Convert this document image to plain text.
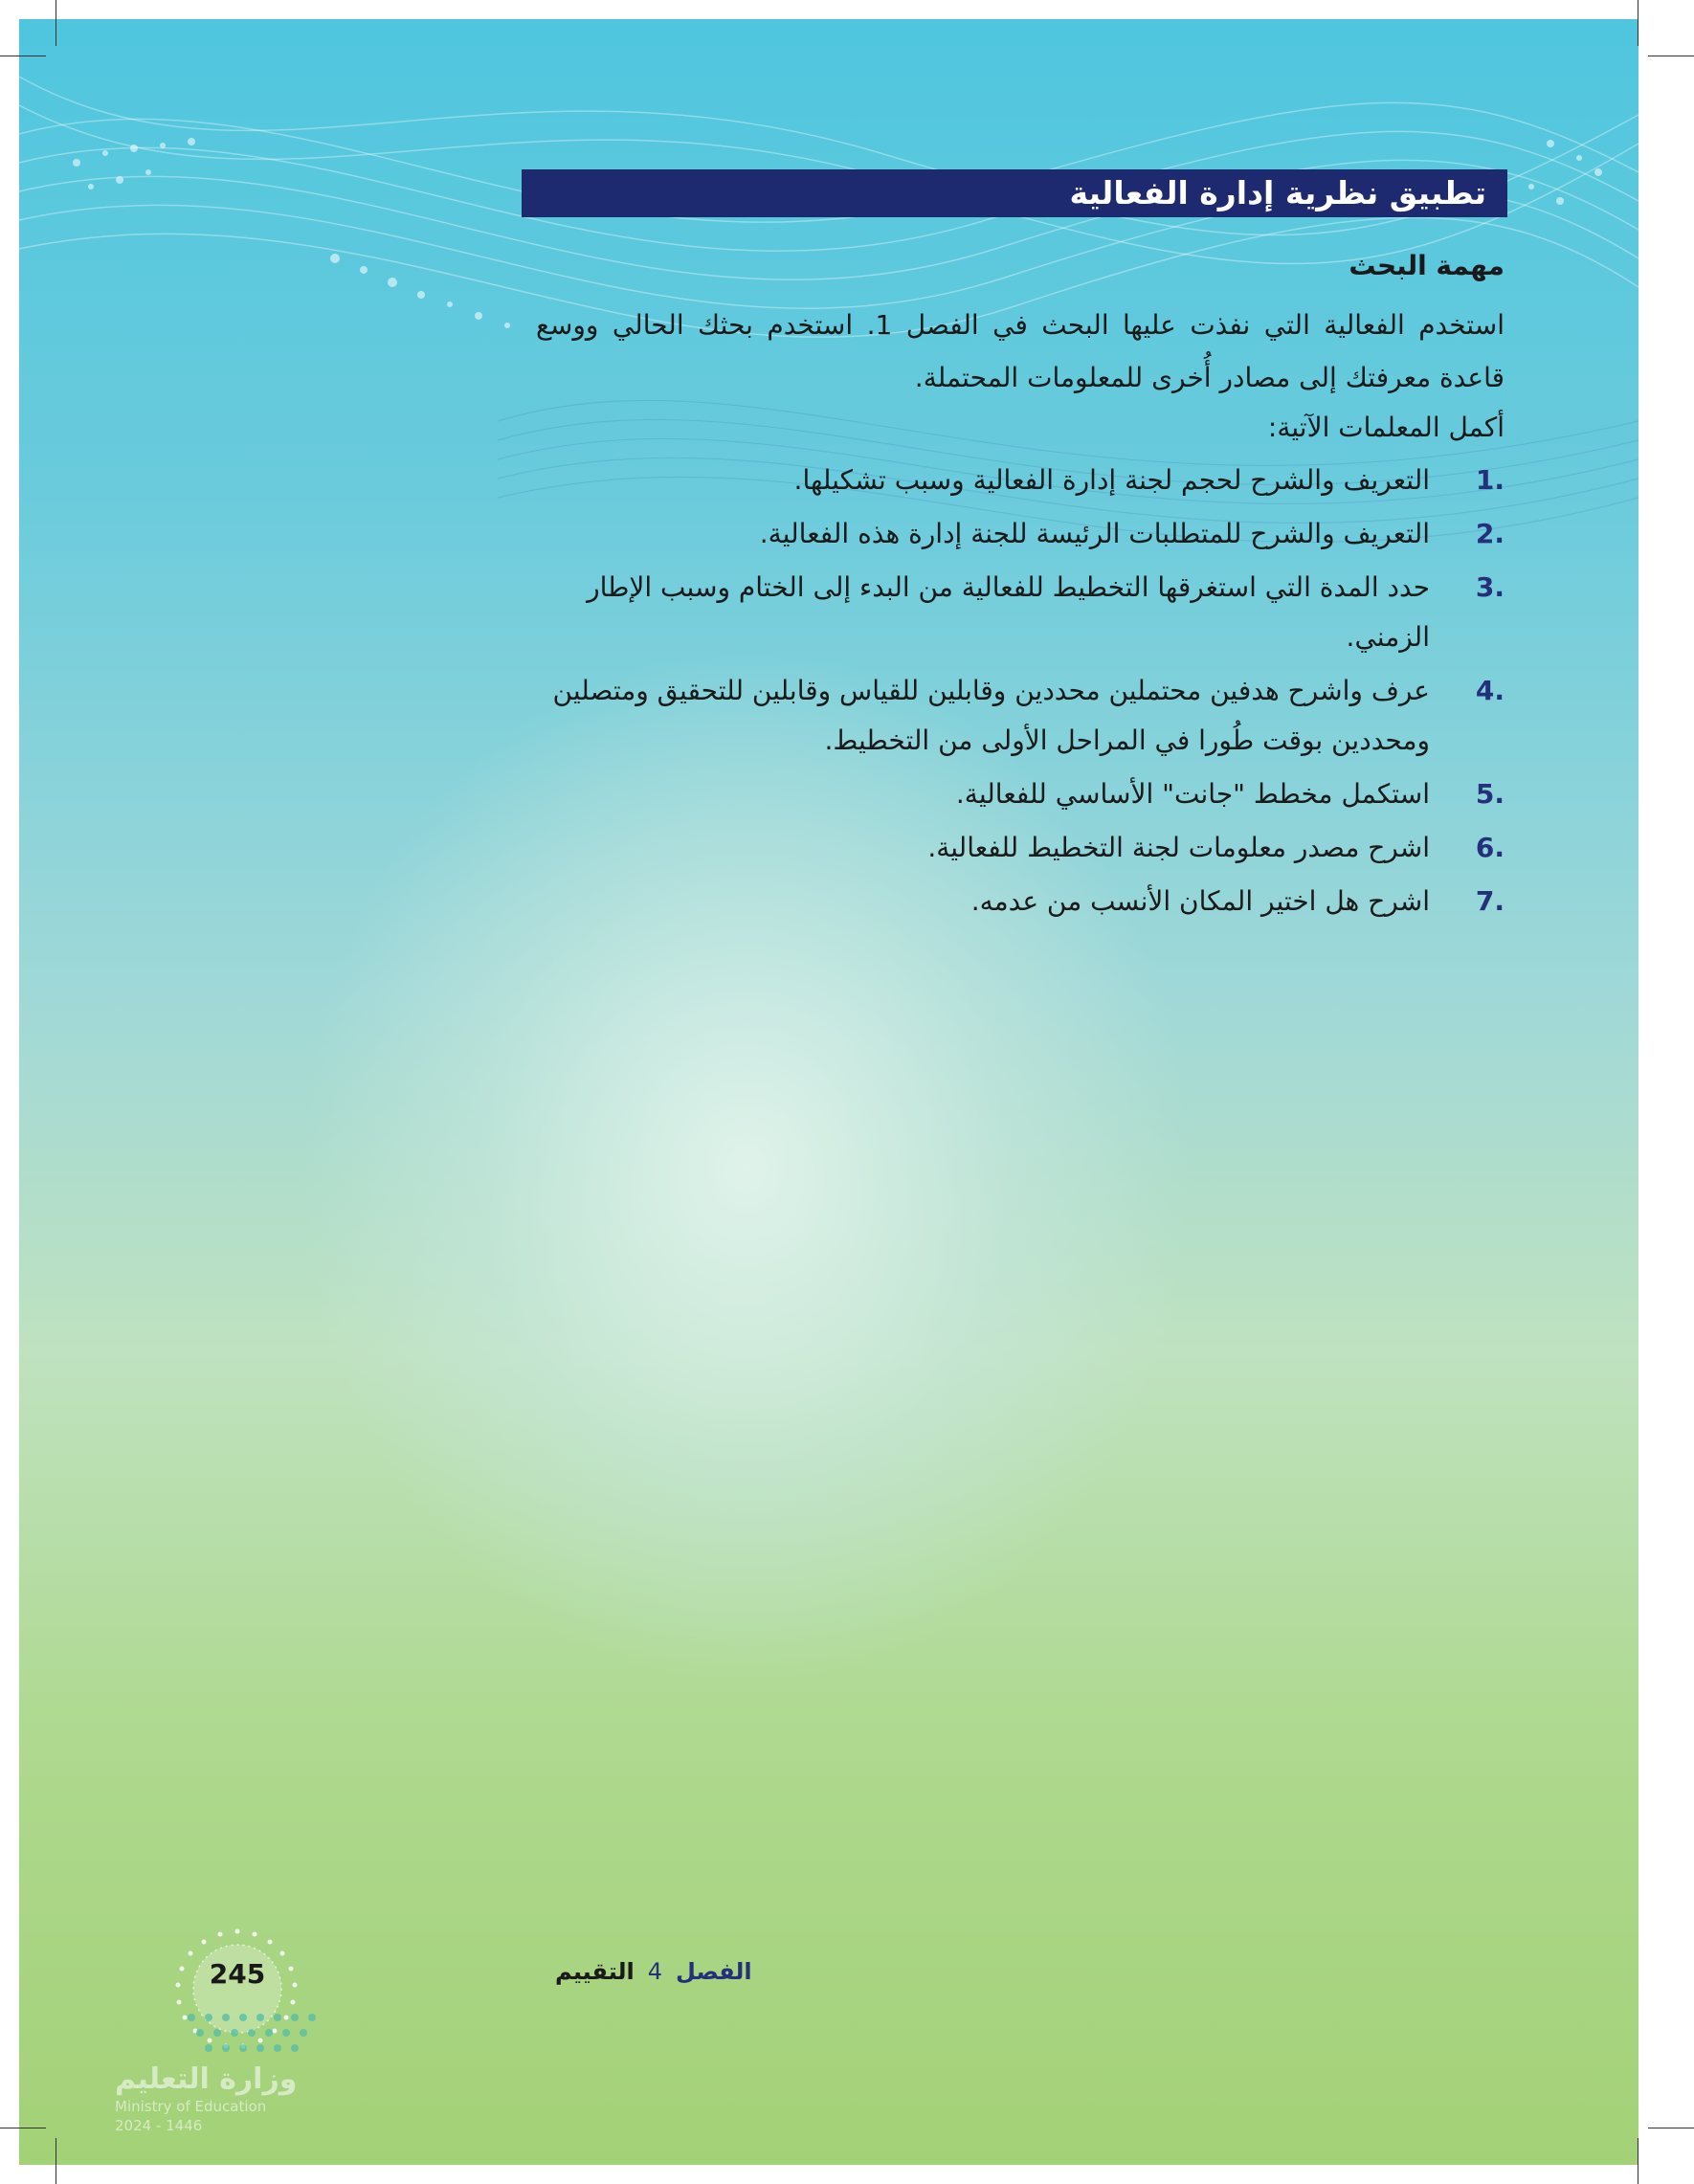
تطبيق نظرية إدارة الفعالية

مهمة البحث

استخدم الفعالية التي نفذت عليها البحث في الفصل 1. استخدم بحثك الحالي ووسع قاعدة معرفتك إلى مصادر أُخرى للمعلومات المحتملة.

أكمل المعلمات الآتية:

1.
التعريف والشرح لحجم لجنة إدارة الفعالية وسبب تشكيلها.
2.
التعريف والشرح للمتطلبات الرئيسة للجنة إدارة هذه الفعالية.
3.
حدد المدة التي استغرقها التخطيط للفعالية من البدء إلى الختام وسبب الإطار الزمني.
4.
عرف واشرح هدفين محتملين محددين وقابلين للقياس وقابلين للتحقيق ومتصلين ومحددين بوقت طُورا في المراحل الأولى من التخطيط.
5.
استكمل مخطط "جانت" الأساسي للفعالية.
6.
اشرح مصدر معلومات لجنة التخطيط للفعالية.
7.
اشرح هل اختير المكان الأنسب من عدمه.
الفصل4التقييم
245
وزارة التعليم
Ministry of Education
2024 - 1446
